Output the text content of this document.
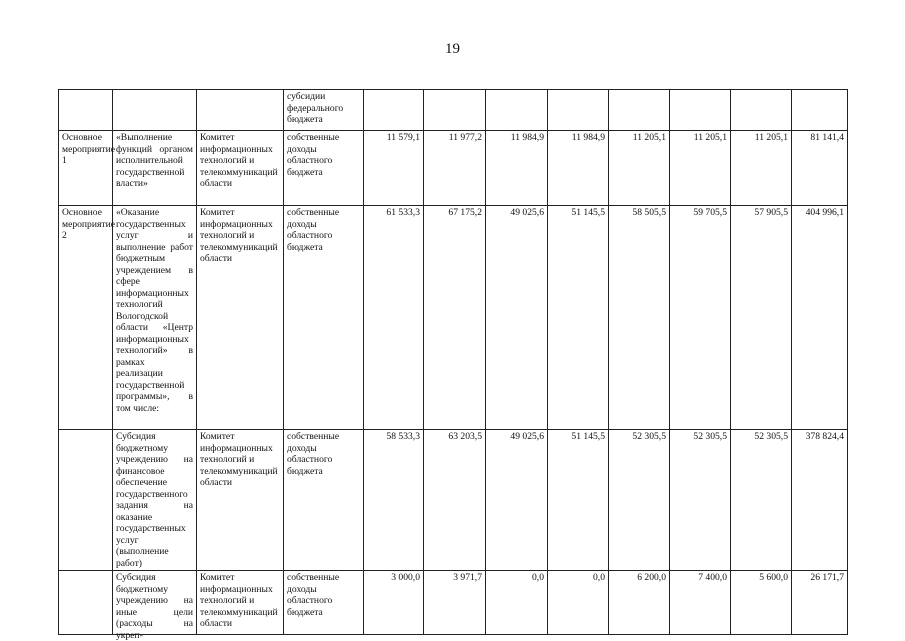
19
			субсидии федерального бюджета								
Основное мероприятие 1	«Выполнение функций органом исполнительной государственной власти»	Комитет информационных технологий и телекоммуникаций области	собственные доходы областного бюджета	11 579,1	11 977,2	11 984,9	11 984,9	11 205,1	11 205,1	11 205,1	81 141,4
Основное мероприятие 2	«Оказание государственных услуг и выполнение работ бюджетным учреждением в сфере информационных технологий Вологодской области «Центр информационных технологий» в рамках реализации государственной программы», в том числе:	Комитет информационных технологий и телекоммуникаций области	собственные доходы областного бюджета	61 533,3	67 175,2	49 025,6	51 145,5	58 505,5	59 705,5	57 905,5	404 996,1
	Субсидия бюджетному учреждению на финансовое обеспечение государственного задания на оказание государственных услуг (выполнение работ)	Комитет информационных технологий и телекоммуникаций области	собственные доходы областного бюджета	58 533,3	63 203,5	49 025,6	51 145,5	52 305,5	52 305,5	52 305,5	378 824,4

	Субсидия бюджетному учреждению на иные цели (расходы на укреп-	Комитет информационных технологий и телекоммуникаций области	собственные доходы областного бюджета	3 000,0	3 971,7	0,0	0,0	6 200,0	7 400,0	5 600,0	26 171,7
